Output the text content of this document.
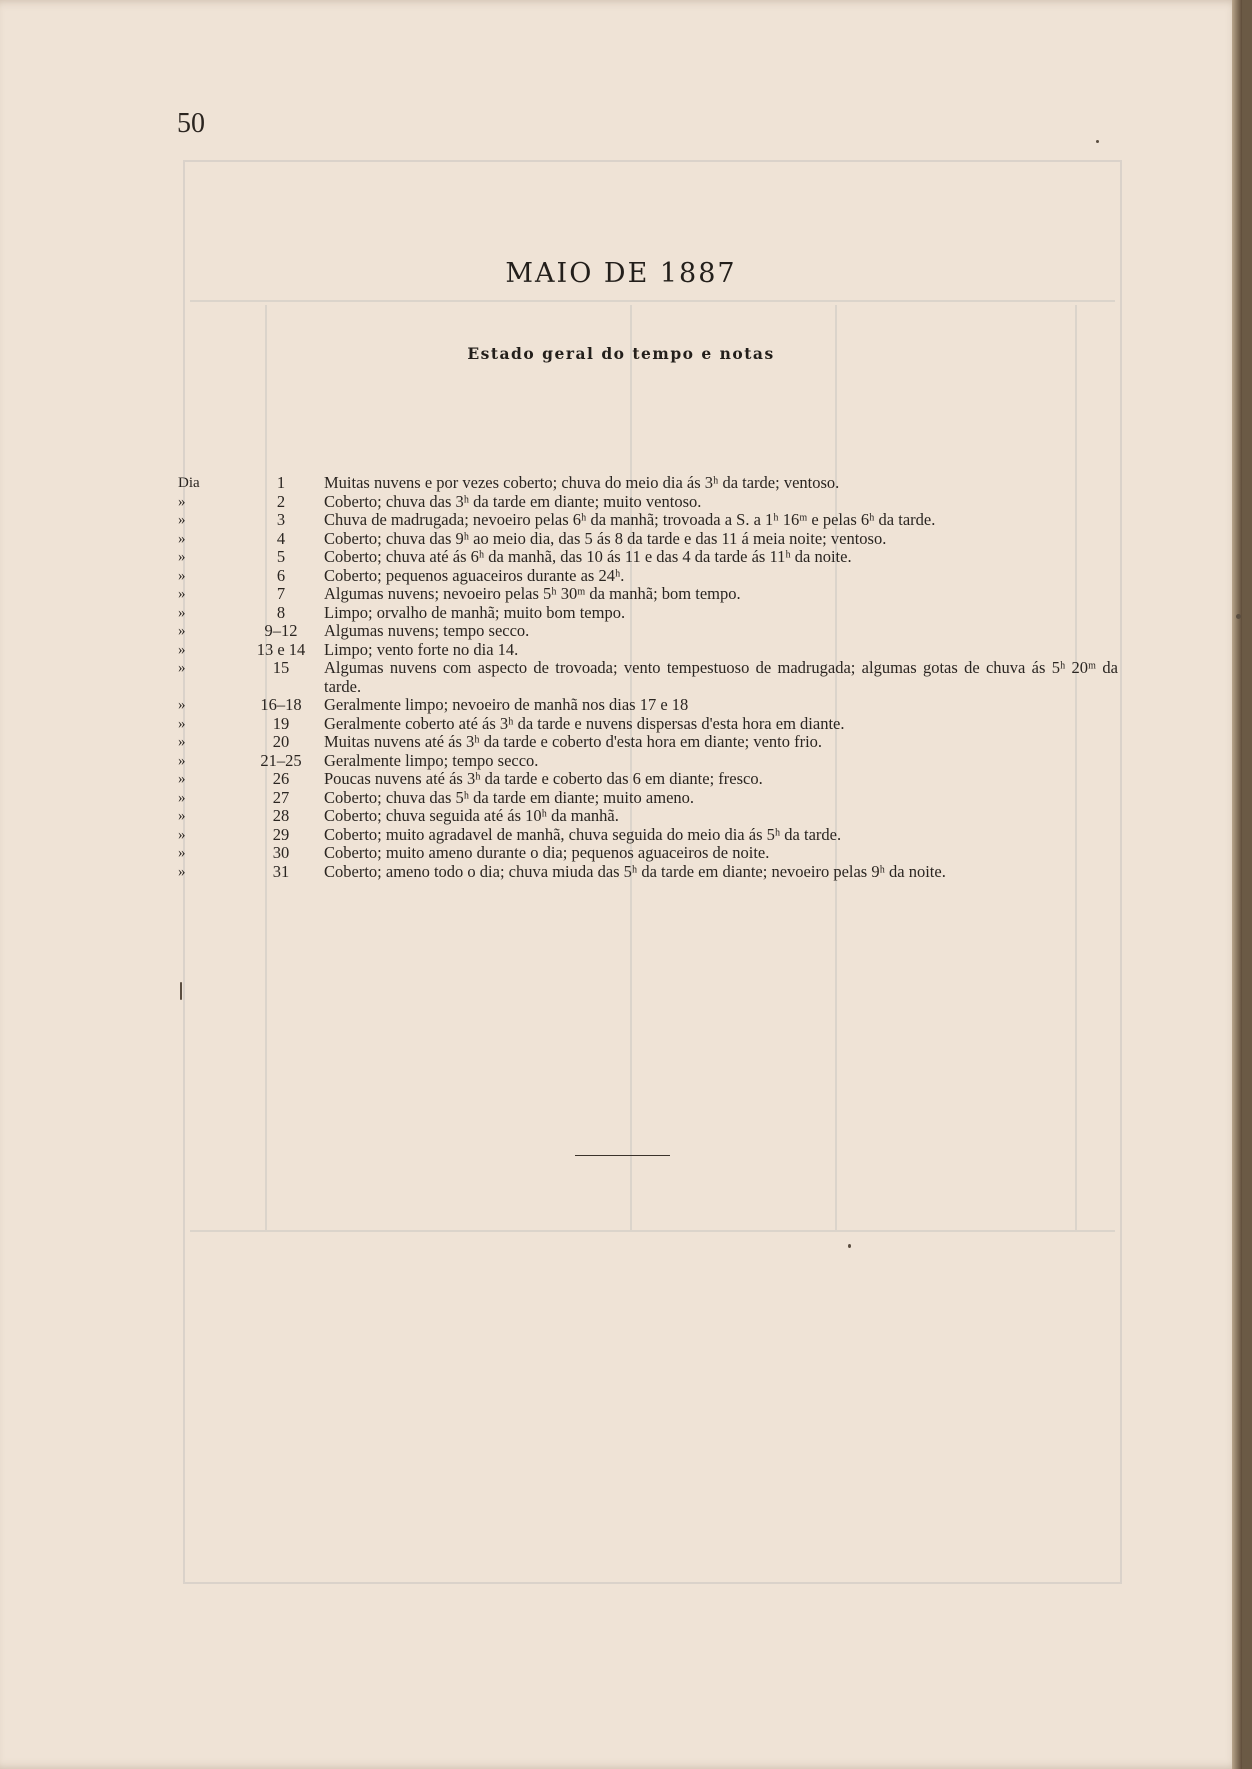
50
MAIO DE 1887
Estado geral do tempo e notas
Dia	1	Muitas nuvens e por vezes coberto; chuva do meio dia ás 3ʰ da tarde; ventoso.
»	2	Coberto; chuva das 3ʰ da tarde em diante; muito ventoso.
»	3	Chuva de madrugada; nevoeiro pelas 6ʰ da manhã; trovoada a S. a 1ʰ 16ᵐ e pelas 6ʰ da tarde.
»	4	Coberto; chuva das 9ʰ ao meio dia, das 5 ás 8 da tarde e das 11 á meia noite; ventoso.
»	5	Coberto; chuva até ás 6ʰ da manhã, das 10 ás 11 e das 4 da tarde ás 11ʰ da noite.
»	6	Coberto; pequenos aguaceiros durante as 24ʰ.
»	7	Algumas nuvens; nevoeiro pelas 5ʰ 30ᵐ da manhã; bom tempo.
»	8	Limpo; orvalho de manhã; muito bom tempo.
»	9–12	Algumas nuvens; tempo secco.
»	13 e 14	Limpo; vento forte no dia 14.
»	15	Algumas nuvens com aspecto de trovoada; vento tempestuoso de madrugada; algumas gotas de chuva ás 5ʰ 20ᵐ da tarde.
»	16–18	Geralmente limpo; nevoeiro de manhã nos dias 17 e 18
»	19	Geralmente coberto até ás 3ʰ da tarde e nuvens dispersas d'esta hora em diante.
»	20	Muitas nuvens até ás 3ʰ da tarde e coberto d'esta hora em diante; vento frio.
»	21–25	Geralmente limpo; tempo secco.
»	26	Poucas nuvens até ás 3ʰ da tarde e coberto das 6 em diante; fresco.
»	27	Coberto; chuva das 5ʰ da tarde em diante; muito ameno.
»	28	Coberto; chuva seguida até ás 10ʰ da manhã.
»	29	Coberto; muito agradavel de manhã, chuva seguida do meio dia ás 5ʰ da tarde.
»	30	Coberto; muito ameno durante o dia; pequenos aguaceiros de noite.
»	31	Coberto; ameno todo o dia; chuva miuda das 5ʰ da tarde em diante; nevoeiro pelas 9ʰ da noite.
